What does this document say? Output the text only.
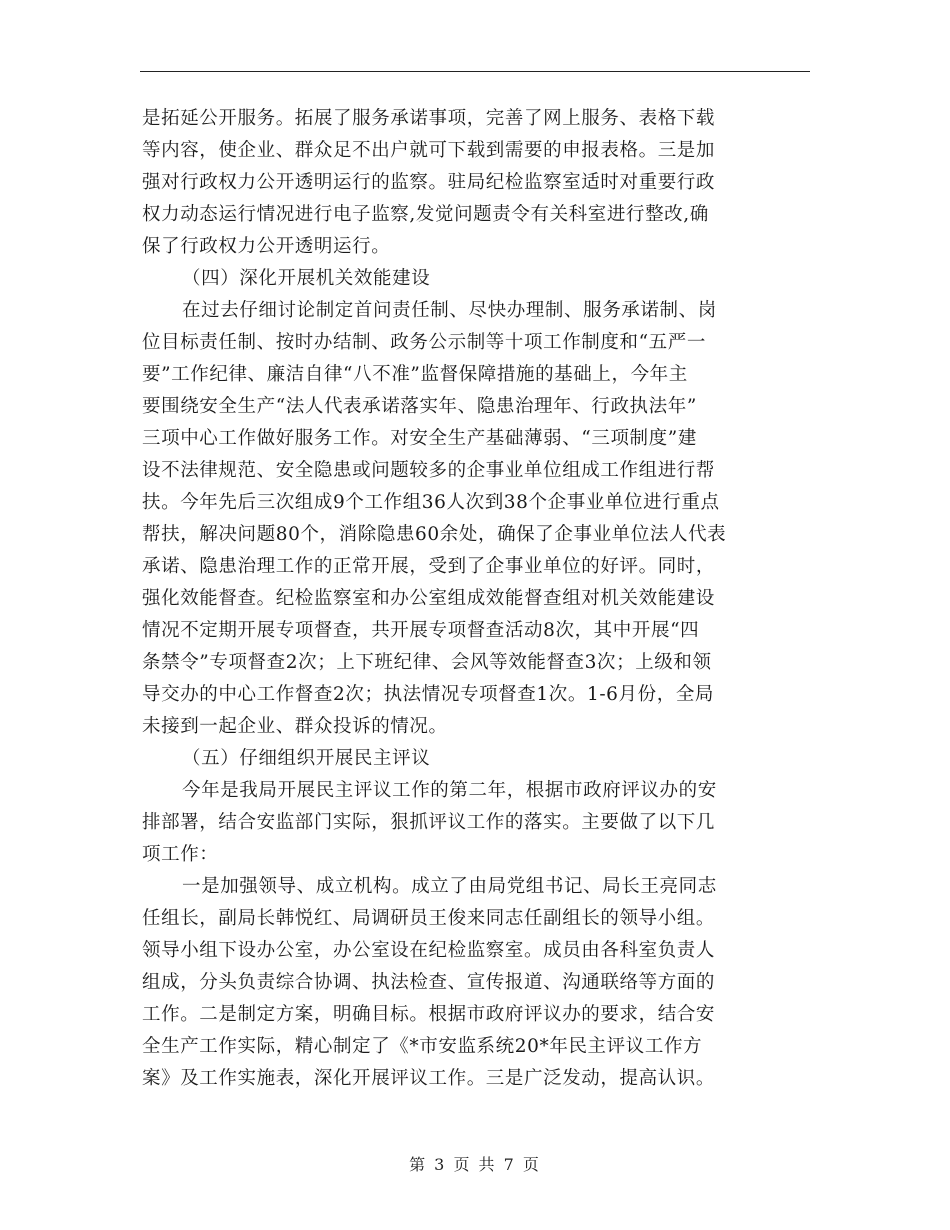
是拓延公开服务。拓展了服务承诺事项，完善了网上服务、表格下载
等内容，使企业、群众足不出户就可下载到需要的申报表格。三是加
强对行政权力公开透明运行的监察。驻局纪检监察室适时对重要行政
权力动态运行情况进行电子监察,发觉问题责令有关科室进行整改,确
保了行政权力公开透明运行。
（四）深化开展机关效能建设
在过去仔细讨论制定首问责任制、尽快办理制、服务承诺制、岗
位目标责任制、按时办结制、政务公示制等十项工作制度和“五严一
要”工作纪律、廉洁自律“八不准”监督保障措施的基础上，今年主
要围绕安全生产“法人代表承诺落实年、隐患治理年、行政执法年”
三项中心工作做好服务工作。对安全生产基础薄弱、“三项制度”建
设不法律规范、安全隐患或问题较多的企事业单位组成工作组进行帮
扶。今年先后三次组成9个工作组36人次到38个企事业单位进行重点
帮扶，解决问题80个，消除隐患60余处，确保了企事业单位法人代表
承诺、隐患治理工作的正常开展，受到了企事业单位的好评。同时，
强化效能督查。纪检监察室和办公室组成效能督查组对机关效能建设
情况不定期开展专项督查，共开展专项督查活动8次，其中开展“四
条禁令”专项督查2次；上下班纪律、会风等效能督查3次；上级和领
导交办的中心工作督查2次；执法情况专项督查1次。1-6月份，全局
未接到一起企业、群众投诉的情况。
（五）仔细组织开展民主评议
今年是我局开展民主评议工作的第二年，根据市政府评议办的安
排部署，结合安监部门实际，狠抓评议工作的落实。主要做了以下几
项工作：
一是加强领导、成立机构。成立了由局党组书记、局长王亮同志
任组长，副局长韩悦红、局调研员王俊来同志任副组长的领导小组。
领导小组下设办公室，办公室设在纪检监察室。成员由各科室负责人
组成，分头负责综合协调、执法检查、宣传报道、沟通联络等方面的
工作。二是制定方案，明确目标。根据市政府评议办的要求，结合安
全生产工作实际，精心制定了《*市安监系统20*年民主评议工作方
案》及工作实施表，深化开展评议工作。三是广泛发动，提高认识。
第 3 页 共 7 页
